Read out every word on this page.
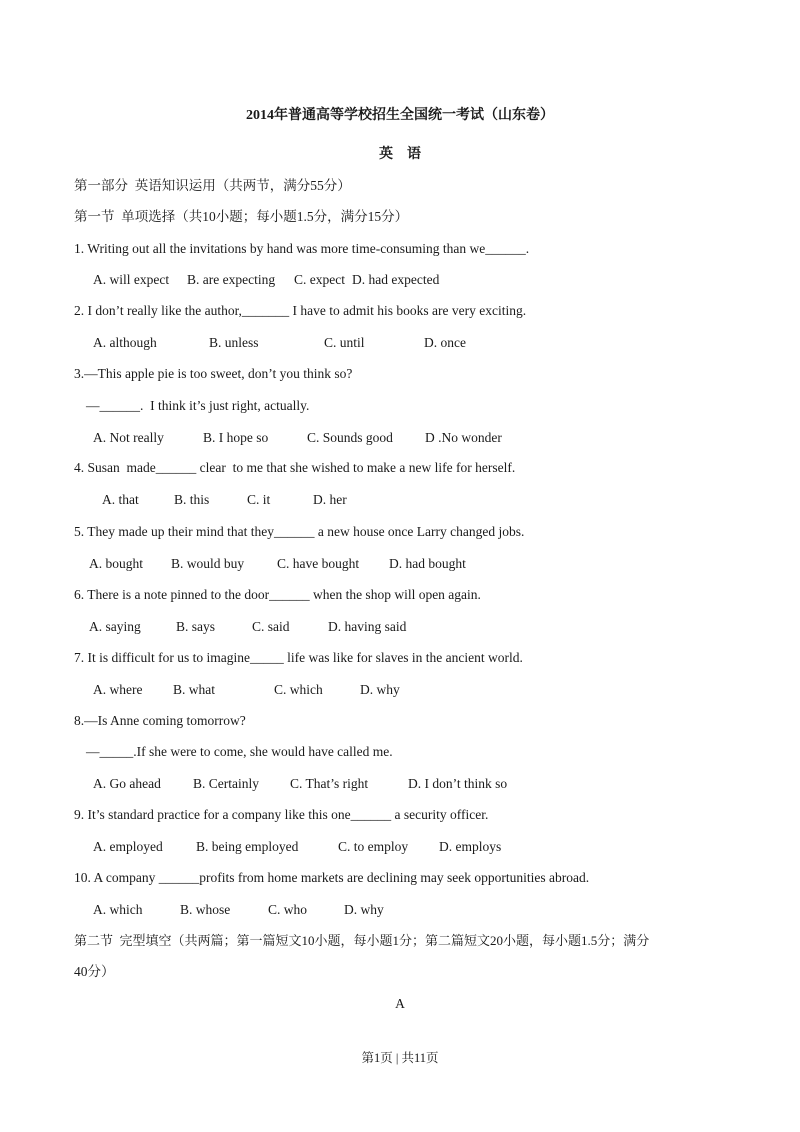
2014年普通高等学校招生全国统一考试（山东卷）
英　语
第一部分  英语知识运用（共两节，满分55分）
第一节  单项选择（共10小题；每小题1.5分，满分15分）
1. Writing out all the invitations by hand was more time-consuming than we______.
A. will expect B. are expecting C. expect D. had expected
2. I don’t really like the author,_______ I have to admit his books are very exciting.
A. although	B. unless	C. until	D. once
3.—This apple pie is too sweet, don’t you think so?
—______.  I think it’s just right, actually.
A. Not really	B. I hope so	C. Sounds good D .No wonder
4. Susan  made______ clear  to me that she wished to make a new life for herself.
A. that	B. this	C. it	D. her
5. They made up their mind that they______ a new house once Larry changed jobs.
A. bought B. would buy C. have bought D. had bought
6. There is a note pinned to the door______ when the shop will open again.
A. saying	B. says	C. said	D. having said
7. It is difficult for us to imagine_____ life was like for slaves in the ancient world.
A. where B. what	C. which	D. why
8.—Is Anne coming tomorrow?
—_____.If she were to come, she would have called me.
A. Go ahead B. Certainly C. That’s right	D. I don’t think so
9. It’s standard practice for a company like this one______ a security officer.
A. employed B. being employed	C. to employ D. employs
10. A company ______profits from home markets are declining may seek opportunities abroad.
A. which	B. whose	C. who	D. why
第二节  完型填空（共两篇；第一篇短文10小题，每小题1分；第二篇短文20小题，每小题1.5分；满分
40分）
A
第1页 | 共11页
